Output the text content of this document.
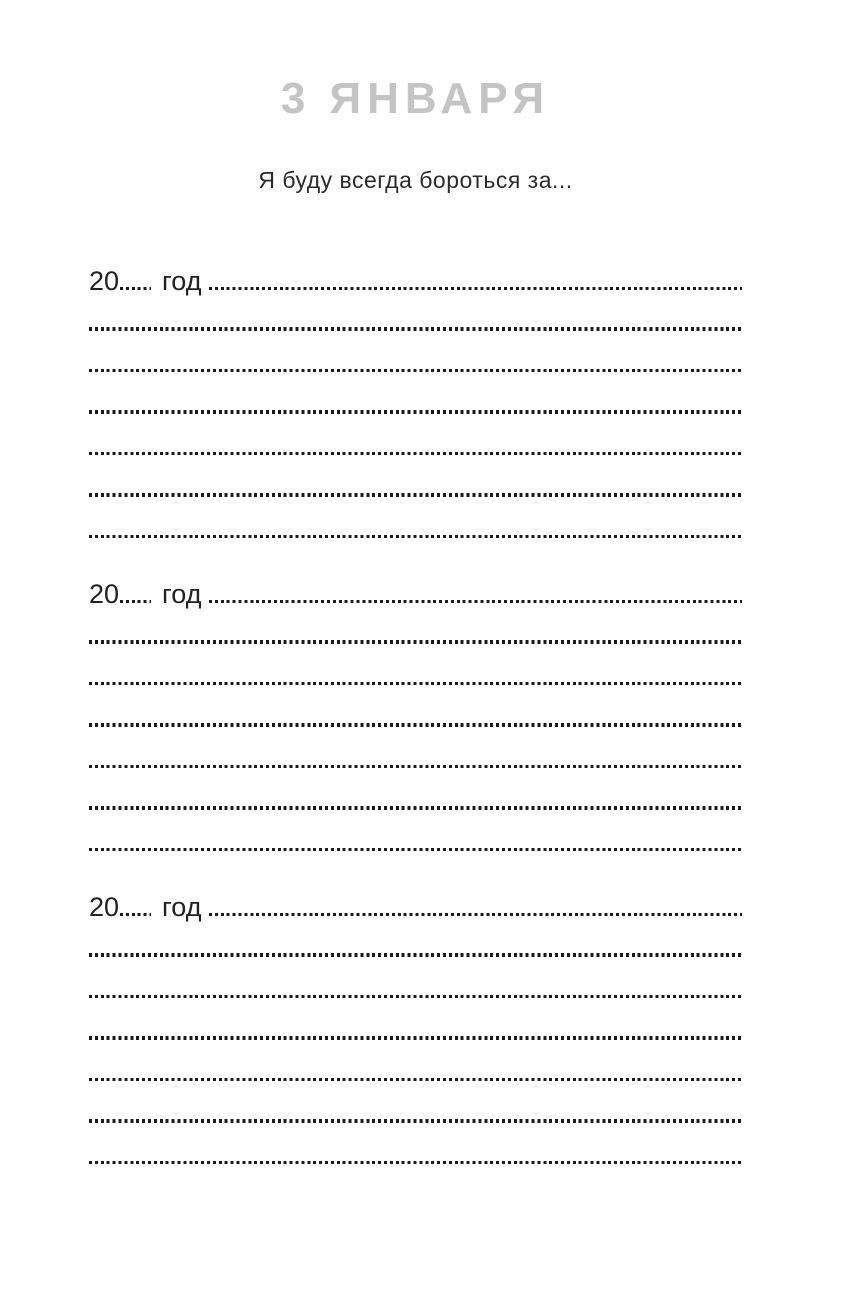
3 ЯНВАРЯ

Я буду всегда бороться за...

20 год
20 год
20 год
